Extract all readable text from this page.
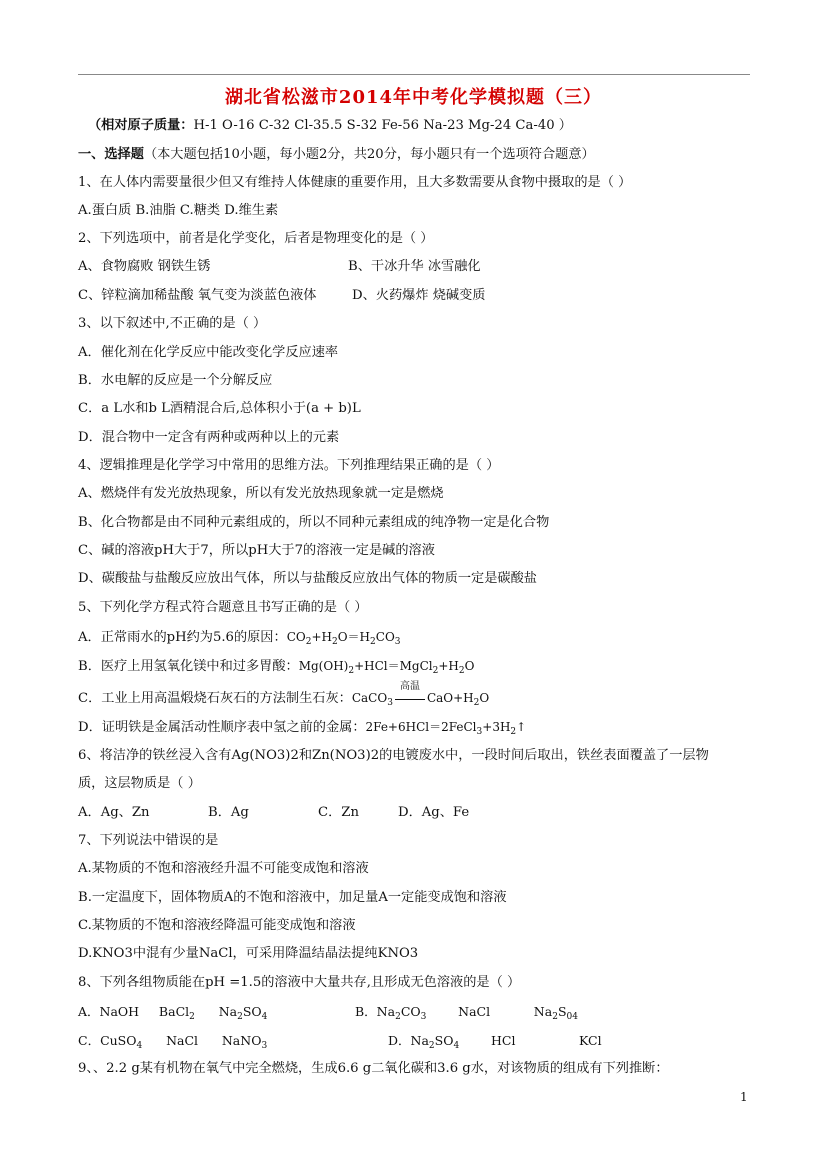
湖北省松滋市2014年中考化学模拟题（三）
（相对原子质量：H-1 O-16 C-32 Cl-35.5 S-32 Fe-56 Na-23 Mg-24 Ca-40 ）
一、选择题（本大题包括10小题，每小题2分，共20分，每小题只有一个选项符合题意）
1、在人体内需要量很少但又有维持人体健康的重要作用，且大多数需要从食物中摄取的是（ ）
A.蛋白质 B.油脂 C.糖类 D.维生素
2、下列选项中，前者是化学变化，后者是物理变化的是（ ）
A、食物腐败 钢铁生锈	B、干冰升华 冰雪融化
C、锌粒滴加稀盐酸 氧气变为淡蓝色液体	D、火药爆炸 烧碱变质
3、以下叙述中,不正确的是（ ）
A．催化剂在化学反应中能改变化学反应速率
B．水电解的反应是一个分解反应
C．a L水和b L酒精混合后,总体积小于(a + b)L
D．混合物中一定含有两种或两种以上的元素
4、逻辑推理是化学学习中常用的思维方法。下列推理结果正确的是（ ）
A、燃烧伴有发光放热现象，所以有发光放热现象就一定是燃烧
B、化合物都是由不同种元素组成的，所以不同种元素组成的纯净物一定是化合物
C、碱的溶液pH大于7，所以pH大于7的溶液一定是碱的溶液
D、碳酸盐与盐酸反应放出气体，所以与盐酸反应放出气体的物质一定是碳酸盐
5、下列化学方程式符合题意且书写正确的是（ ）
A．正常雨水的pH约为5.6的原因：$CO_2+H_2O=H_2CO_3$
B．医疗上用氢氧化镁中和过多胃酸：$Mg(OH)_2+HCl=MgCl_2+H_2O$
C．工业上用高温煅烧石灰石的方法制生石灰：CaCO$_3$
高温
$CaO+H_2O$
D．证明铁是金属活动性顺序表中氢之前的金属：$2Fe+6HCl=2FeCl_3+3H_2↑$
6、将洁净的铁丝浸入含有Ag(NO3)2和Zn(NO3)2的电镀废水中，一段时间后取出，铁丝表面覆盖了一层物
质，这层物质是（ ）
A．Ag、Zn	B．Ag	C．Zn	D．Ag、Fe
7、下列说法中错误的是
A.某物质的不饱和溶液经升温不可能变成饱和溶液
B.一定温度下，固体物质A的不饱和溶液中，加足量A一定能变成饱和溶液
C.某物质的不饱和溶液经降温可能变成饱和溶液
D.KNO3中混有少量NaCl，可采用降温结晶法提纯KNO3
8、下列各组物质能在pH =1.5的溶液中大量共存,且形成无色溶液的是（ ）
A．NaOH     BaCl$_2$      $Na_2SO_4$	B．$Na_2CO_3$        NaCl           $Na_2S_{04}$
C．CuSO$_4$      NaCl      NaNO$_3$	D．$Na_2SO_4$        HCl                KCl
9、、2.2 g某有机物在氧气中完全燃烧，生成6.6 g二氧化碳和3.6 g水，对该物质的组成有下列推断：
1
